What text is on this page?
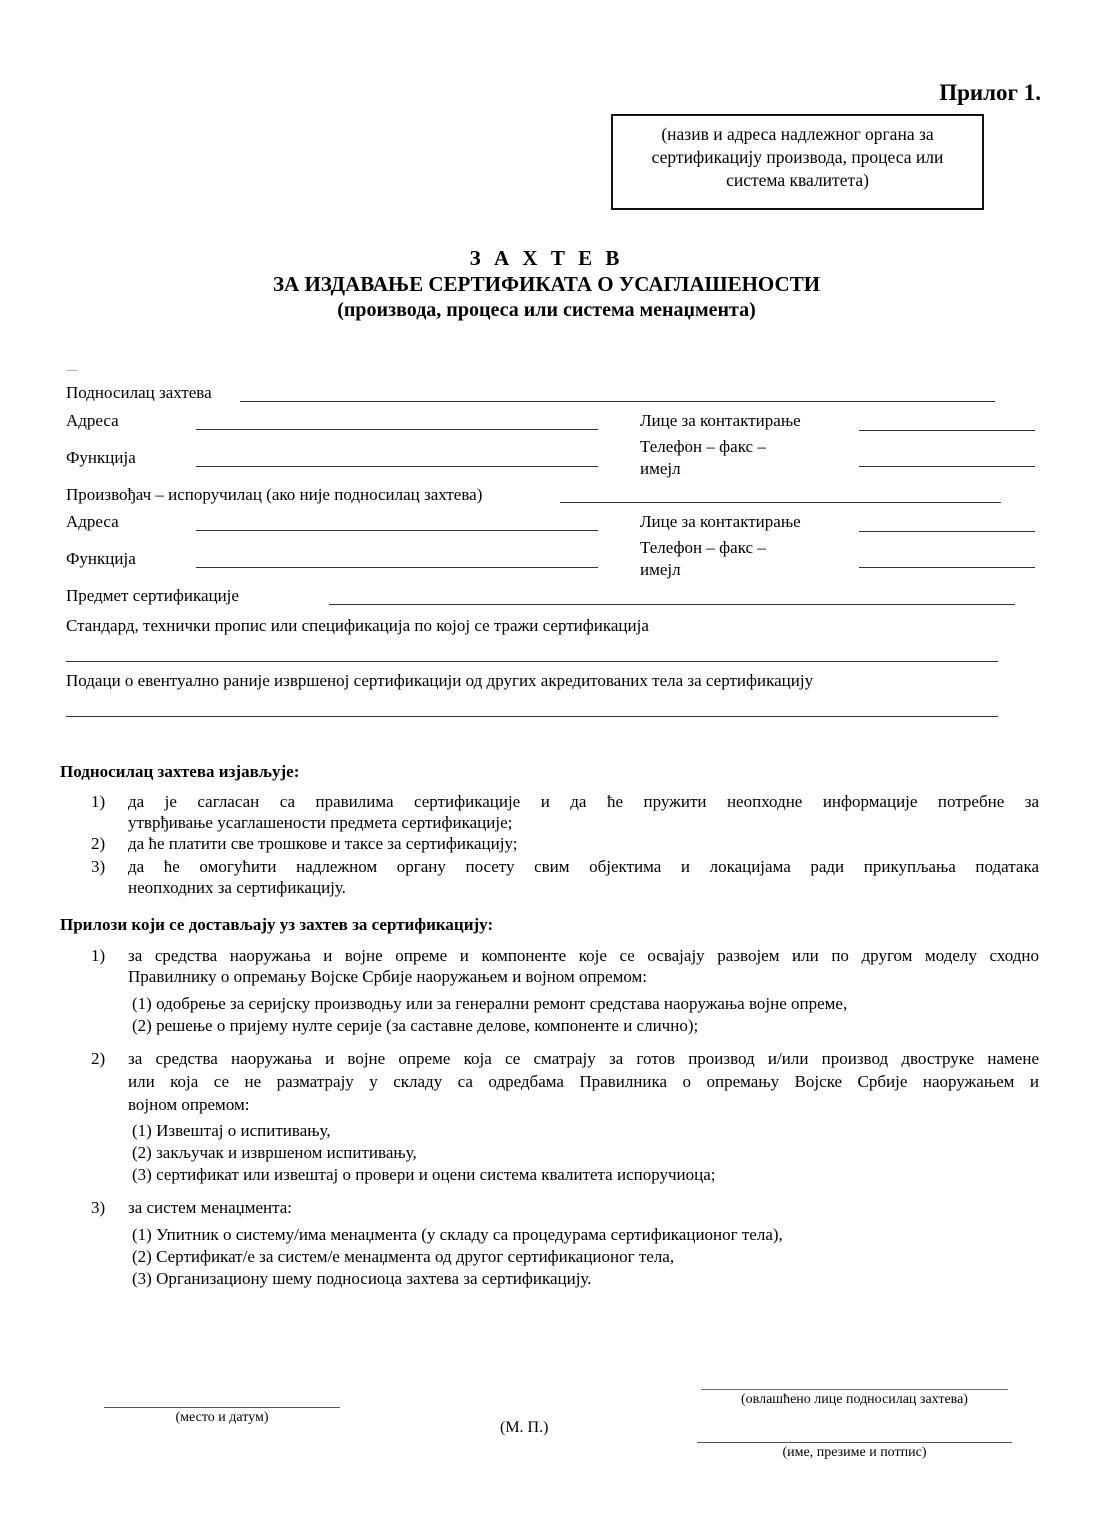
Прилог 1.
(назив и адреса надлежног органа за
сертификацију производа, процеса или
система квалитета)
З А Х Т Е В
ЗА ИЗДАВАЊЕ СЕРТИФИКАТА О УСАГЛАШЕНОСТИ
(производа, процеса или система менаџмента)
Подносилац захтева
Адреса
Функција
Лице за контактирање
Телефон – факс –
имејл
Произвођач – испоручилац (ако није подносилац захтева)
Адреса
Функција
Лице за контактирање
Телефон – факс –
имејл
Предмет сертификације
Стандард, технички пропис или спецификација по којој се тражи сертификација
Подаци о евентуално раније извршеној сертификацији од других акредитованих тела за сертификацију
Подносилац захтева изјављује:
1) да је сагласан са правилима сертификације и да ће пружити неопходне информације потребне за
утврђивање усаглашености предмета сертификације;
2) да ће платити све трошкове и таксе за сертификацију;
3) да ће омогућити надлежном органу посету свим објектима и локацијама ради прикупљања података
неопходних за сертификацију.
Прилози који се достављају уз захтев за сертификацију:
1) за средства наоружања и војне опреме и компоненте које се освајају развојем или по другом моделу сходно
Правилнику о опремању Војске Србије наоружањем и војном опремом:
(1) одобрење за серијску производњу или за генерални ремонт средстава наоружања војне опреме,
(2) решење о пријему нулте серије (за саставне делове, компоненте и слично);
2) за средства наоружања и војне опреме која се сматрају за готов производ и/или производ двоструке намене
или која се не разматрају у складу са одредбама Правилника о опремању Војске Србије наоружањем и
војном опремом:
(1) Извештај о испитивању,
(2) закључак и извршеном испитивању,
(3) сертификат или извештај о провери и оцени система квалитета испоручиоца;
3) за систем менаџмента:
(1) Упитник о систему/има менаџмента (у складу са процедурама сертификационог тела),
(2) Сертификат/е за систем/е менаџмента од другог сертификационог тела,
(3) Организациону шему подносиоца захтева за сертификацију.
(место и датум)
(М. П.)
(овлашћено лице подносилац захтева)
(име, презиме и потпис)
